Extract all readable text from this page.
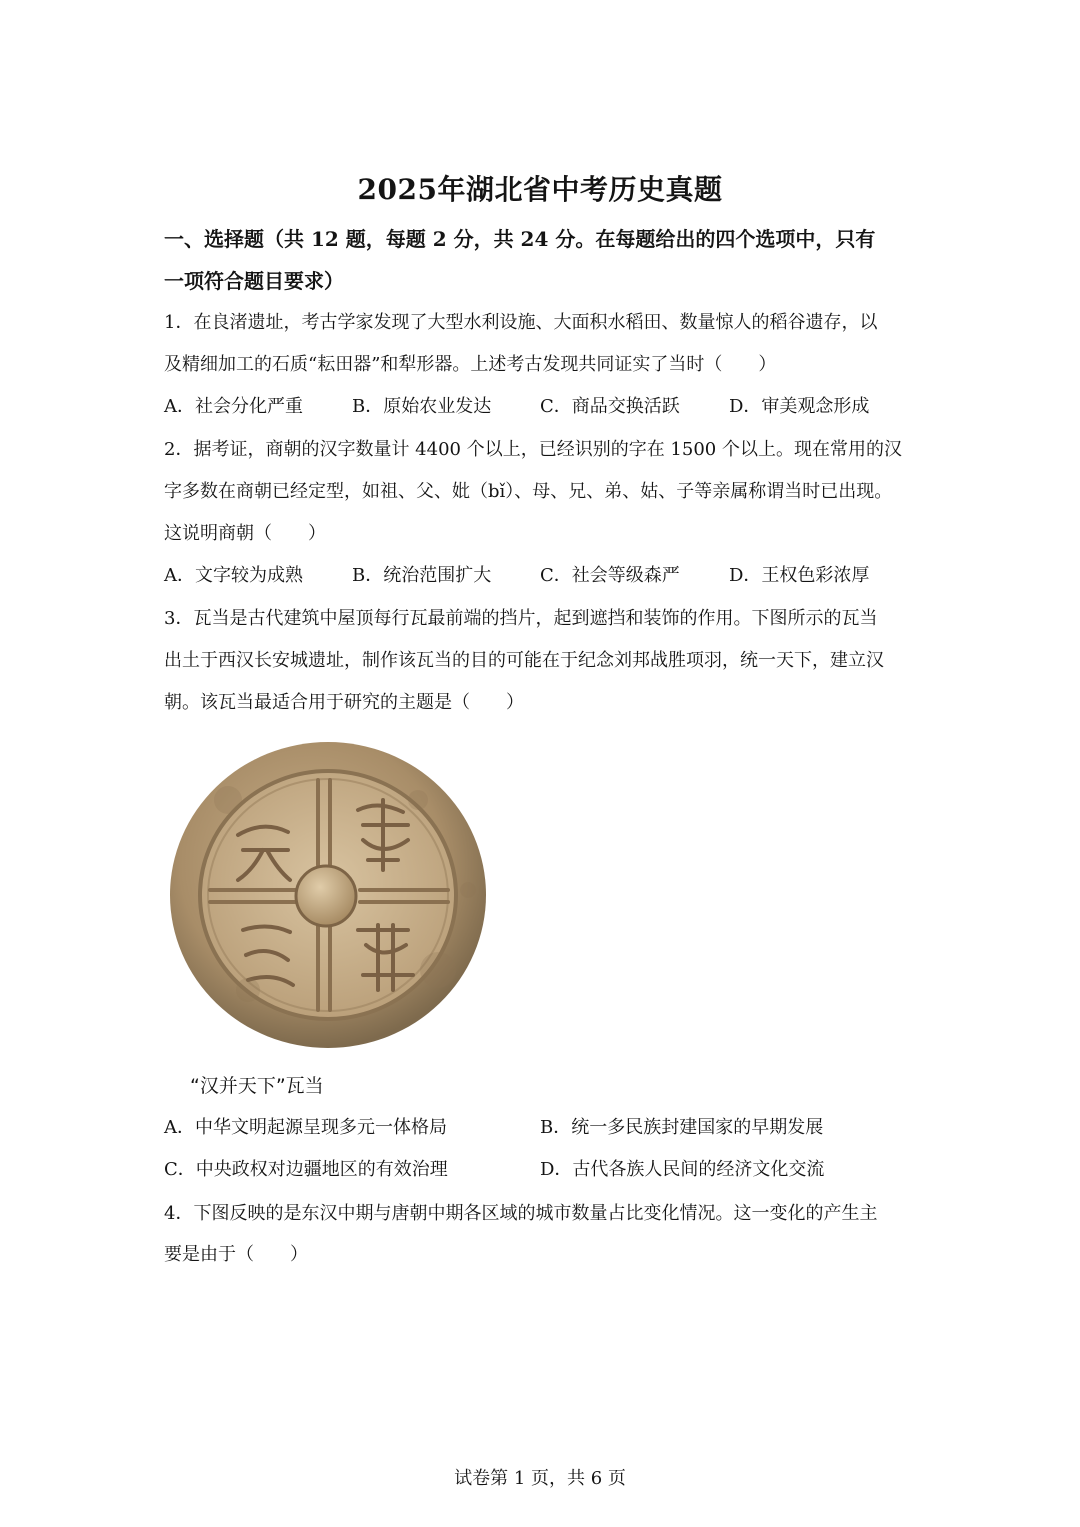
2025年湖北省中考历史真题
一、选择题（共 12 题，每题 2 分，共 24 分。在每题给出的四个选项中，只有
一项符合题目要求）
1．在良渚遗址，考古学家发现了大型水利设施、大面积水稻田、数量惊人的稻谷遗存，以
及精细加工的石质“耘田器”和犁形器。上述考古发现共同证实了当时（　　）
A．社会分化严重	B．原始农业发达	C．商品交换活跃	D．审美观念形成
2．据考证，商朝的汉字数量计 4400 个以上，已经识别的字在 1500 个以上。现在常用的汉
字多数在商朝已经定型，如祖、父、妣（bǐ）、母、兄、弟、姑、子等亲属称谓当时已出现。
这说明商朝（　　）
A．文字较为成熟	B．统治范围扩大	C．社会等级森严	D．王权色彩浓厚
3．瓦当是古代建筑中屋顶每行瓦最前端的挡片，起到遮挡和装饰的作用。下图所示的瓦当
出土于西汉长安城遗址，制作该瓦当的目的可能在于纪念刘邦战胜项羽，统一天下，建立汉
朝。该瓦当最适合用于研究的主题是（　　）
“汉并天下”瓦当
A．中华文明起源呈现多元一体格局	B．统一多民族封建国家的早期发展
C．中央政权对边疆地区的有效治理	D．古代各族人民间的经济文化交流
4．下图反映的是东汉中期与唐朝中期各区域的城市数量占比变化情况。这一变化的产生主
要是由于（　　）
试卷第 1 页，共 6 页
